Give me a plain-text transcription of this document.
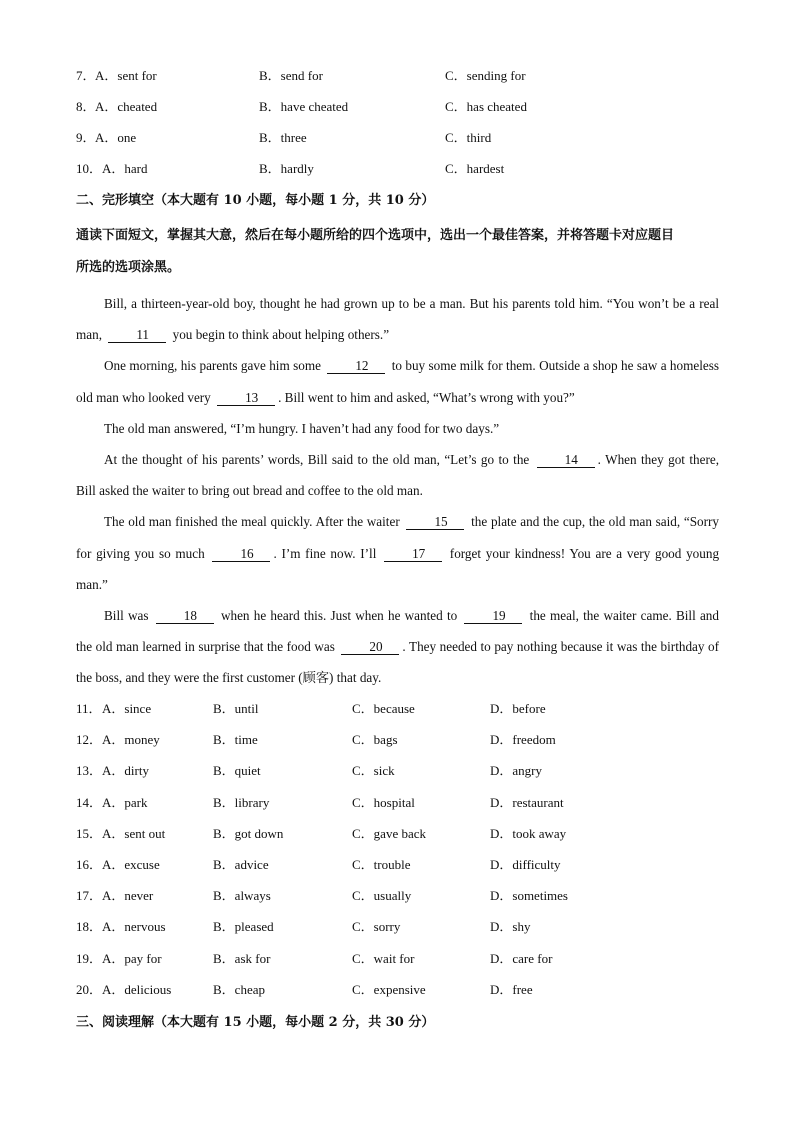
7． A．sent for	B．send for	C．sending for
8． A．cheated	B．have cheated	C．has cheated
9． A．one	B．three	C．third
10． A．hard	B．hardly	C．hardest
二、完形填空（本大题有 10 小题，每小题 1 分，共 10 分）
通读下面短文，掌握其大意，然后在每小题所给的四个选项中，选出一个最佳答案，并将答题卡对应题目
所选的选项涂黑。

Bill, a thirteen-year-old boy, thought he had grown up to be a man. But his parents told him. “You won’t be a real man,	11 you begin to think about helping others.”

One morning, his parents gave him some	12 to buy some milk for them. Outside a shop he saw a homeless old man who looked very	13 . Bill went to him and asked, “What’s wrong with you?”

The old man answered, “I’m hungry. I haven’t had any food for two days.”

At the thought of his parents’ words, Bill said to the old man, “Let’s go to the	14 . When they got there, Bill asked the waiter to bring out bread and coffee to the old man.

The old man finished the meal quickly. After the waiter	15 the plate and the cup, the old man said, “Sorry for giving you so much	16 . I’m fine now. I’ll	17 forget your kindness! You are a very good young man.”

Bill was	18 when he heard this. Just when he wanted to	19 the meal, the waiter came. Bill and the old man learned in surprise that the food was	20 . They needed to pay nothing because it was the birthday of the boss, and they were the first customer (顾客) that day.

11． A．since	B．until	C．because	D．before
12． A．money	B．time	C．bags	D．freedom
13． A．dirty	B．quiet	C．sick	D．angry
14． A．park	B．library	C．hospital	D．restaurant
15． A．sent out	B．got down	C．gave back	D．took away
16． A．excuse	B．advice	C．trouble	D．difficulty
17． A．never	B．always	C．usually	D．sometimes
18． A．nervous	B．pleased	C．sorry	D．shy
19． A．pay for	B．ask for	C．wait for	D．care for
20． A．delicious	B．cheap	C．expensive	D．free
三、阅读理解（本大题有 15 小题，每小题 2 分，共 30 分）
